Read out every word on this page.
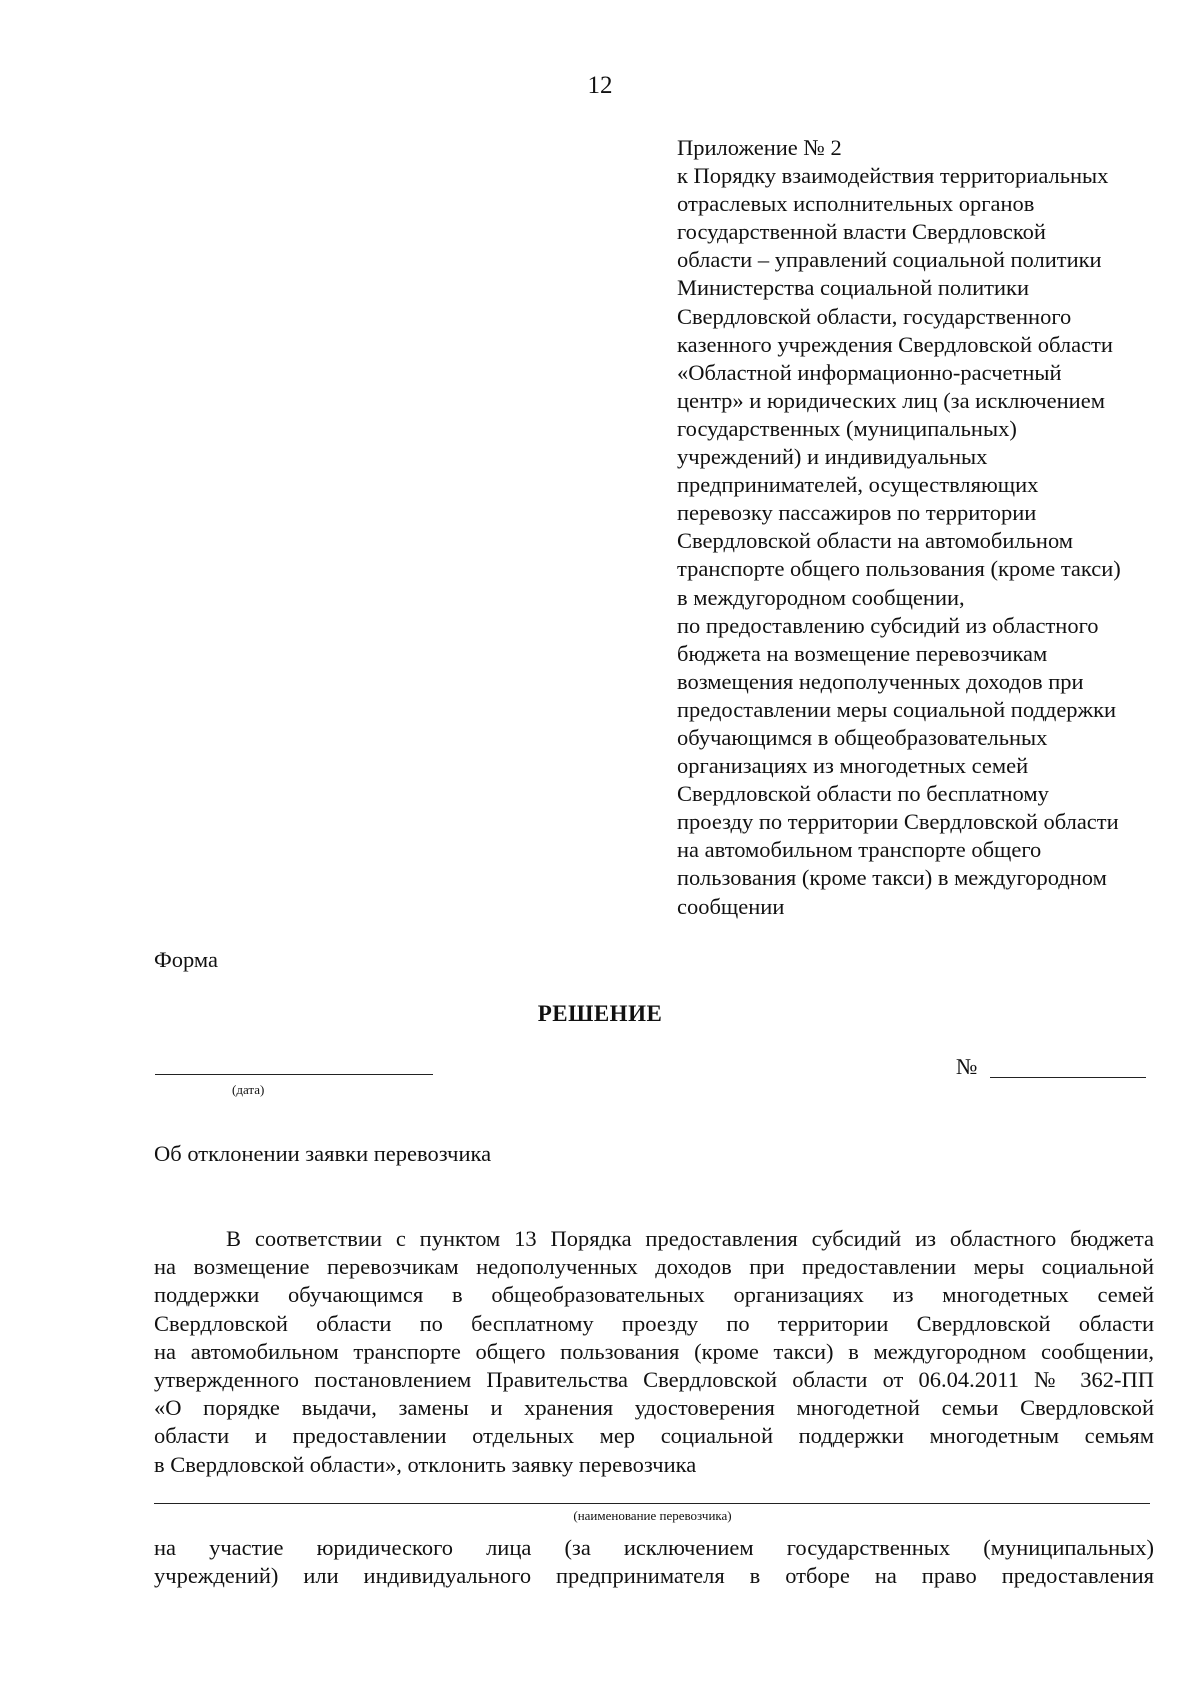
12
Приложение № 2
к Порядку взаимодействия территориальных
отраслевых исполнительных органов
государственной власти Свердловской
области – управлений социальной политики
Министерства социальной политики
Свердловской области, государственного
казенного учреждения Свердловской области
«Областной информационно-расчетный
центр» и юридических лиц (за исключением
государственных (муниципальных)
учреждений) и индивидуальных
предпринимателей, осуществляющих
перевозку пассажиров по территории
Свердловской области на автомобильном
транспорте общего пользования (кроме такси)
в междугородном сообщении,
по предоставлению субсидий из областного
бюджета на возмещение перевозчикам
возмещения недополученных доходов при
предоставлении меры социальной поддержки
обучающимся в общеобразовательных
организациях из многодетных семей
Свердловской области по бесплатному
проезду по территории Свердловской области
на автомобильном транспорте общего
пользования (кроме такси) в междугородном
сообщении
Форма
РЕШЕНИЕ
(дата)
№
Об отклонении заявки перевозчика
В соответствии с пунктом 13 Порядка предоставления субсидий из областного бюджета
на возмещение перевозчикам недополученных доходов при предоставлении меры социальной
поддержки обучающимся в общеобразовательных организациях из многодетных семей
Свердловской области по бесплатному проезду по территории Свердловской области
на автомобильном транспорте общего пользования (кроме такси) в междугородном сообщении,
утвержденного постановлением Правительства Свердловской области от 06.04.2011 № 362-ПП
«О порядке выдачи, замены и хранения удостоверения многодетной семьи Свердловской
области и предоставлении отдельных мер социальной поддержки многодетным семьям
в Свердловской области», отклонить заявку перевозчика
(наименование перевозчика)
на участие юридического лица (за исключением государственных (муниципальных)
учреждений) или индивидуального предпринимателя в отборе на право предоставления
